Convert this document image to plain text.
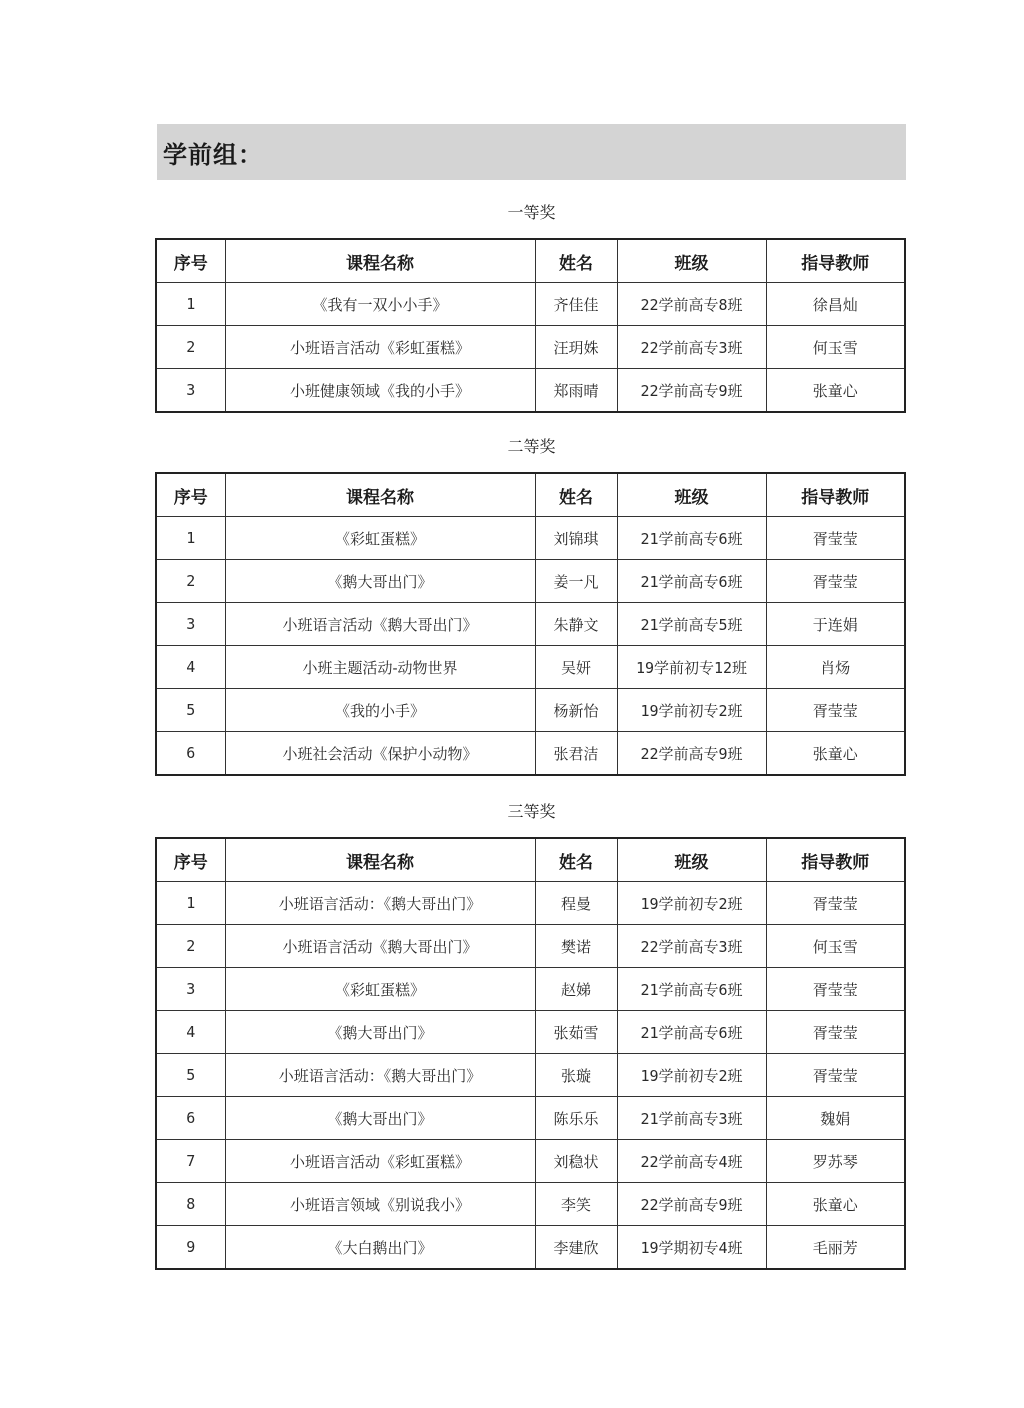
学前组：
一等奖
序号	课程名称	姓名	班级	指导教师
1	《我有一双小小手》	齐佳佳	22学前高专8班	徐昌灿
2	小班语言活动《彩虹蛋糕》	汪玥姝	22学前高专3班	何玉雪
3	小班健康领域《我的小手》	郑雨晴	22学前高专9班	张童心
二等奖
序号	课程名称	姓名	班级	指导教师
1	《彩虹蛋糕》	刘锦琪	21学前高专6班	胥莹莹
2	《鹅大哥出门》	姜一凡	21学前高专6班	胥莹莹
3	小班语言活动《鹅大哥出门》	朱静文	21学前高专5班	于连娟
4	小班主题活动-动物世界	吴妍	19学前初专12班	肖炀
5	《我的小手》	杨新怡	19学前初专2班	胥莹莹
6	小班社会活动《保护小动物》	张君洁	22学前高专9班	张童心
三等奖
序号	课程名称	姓名	班级	指导教师
1	小班语言活动：《鹅大哥出门》	程曼	19学前初专2班	胥莹莹
2	小班语言活动《鹅大哥出门》	樊诺	22学前高专3班	何玉雪
3	《彩虹蛋糕》	赵娣	21学前高专6班	胥莹莹
4	《鹅大哥出门》	张茹雪	21学前高专6班	胥莹莹
5	小班语言活动：《鹅大哥出门》	张璇	19学前初专2班	胥莹莹
6	《鹅大哥出门》	陈乐乐	21学前高专3班	魏娟
7	小班语言活动《彩虹蛋糕》	刘稳状	22学前高专4班	罗苏琴
8	小班语言领域《别说我小》	李笑	22学前高专9班	张童心
9	《大白鹅出门》	李建欣	19学期初专4班	毛丽芳
